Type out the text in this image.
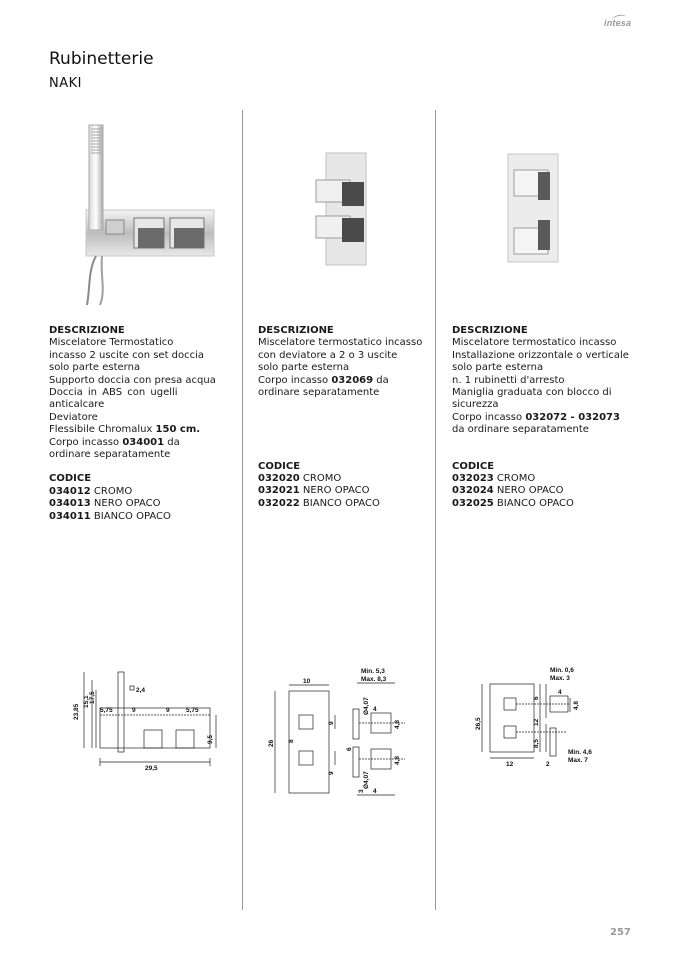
intesa
Rubinetterie
NAKI
DESCRIZIONE
Miscelatore Termostatico
incasso 2 uscite con set doccia
solo parte esterna
Supporto doccia con presa acqua
Doccia in ABS con ugelli anticalcare
Deviatore
Flessibile Chromalux 150 cm.
Corpo incasso 034001 da
ordinare separatamente
CODICE
034012 CROMO
034013 NERO OPACO
034011 BIANCO OPACO
DESCRIZIONE
Miscelatore termostatico incasso
con deviatore a 2 o 3 uscite
solo parte esterna
Corpo incasso 032069 da
ordinare separatamente
CODICE
032020 CROMO
032021 NERO OPACO
032022 BIANCO OPACO
DESCRIZIONE
Miscelatore termostatico incasso
Installazione orizzontale o verticale
solo parte esterna
n. 1 rubinetti d'arresto
Maniglia graduata con blocco di
sicurezza
Corpo incasso 032072 - 032073
da ordinare separatamente
CODICE
032023 CROMO
032024 NERO OPACO
032025 BIANCO OPACO
23,85
15,1 17,5
2,4
5,75	9	9	5,75
9,5
29,5
Min. 5,3
Max. 8,3
10
26
9
8
9
4
4,8
Ø4,07
6
4,8
Ø4,07
4
3
Min. 0,6
Max. 3
4
4,8
26,5
6
12
8,5
12	2
Min. 4,6
Max. 7
257
